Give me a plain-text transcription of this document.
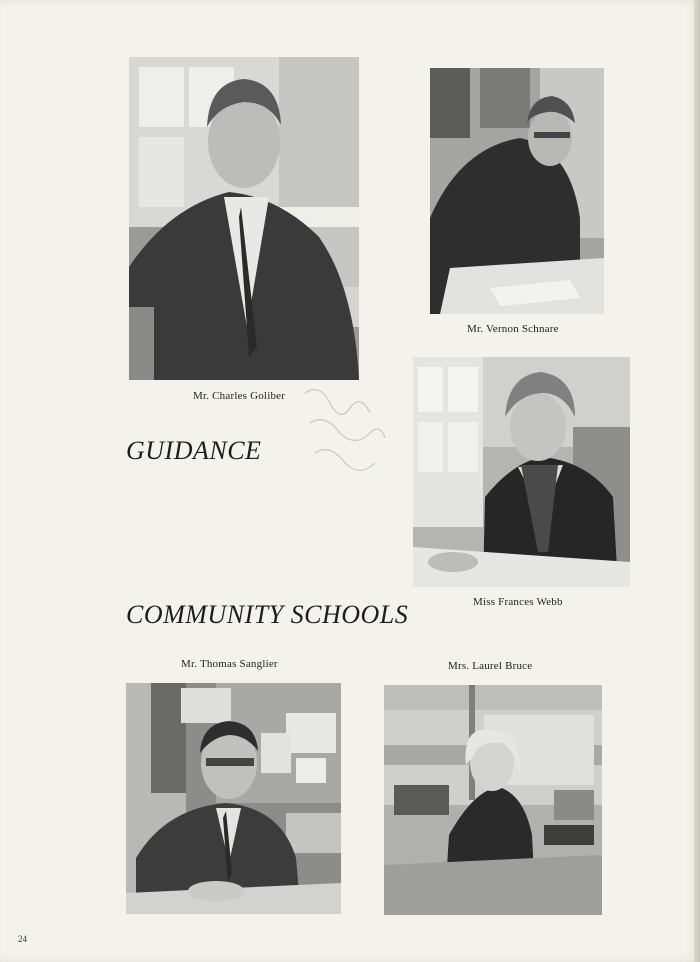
Mr. Charles Goliber
Mr. Vernon Schnare
GUIDANCE
Miss Frances Webb
COMMUNITY SCHOOLS
Mr. Thomas Sanglier	Mrs. Laurel Bruce
24
